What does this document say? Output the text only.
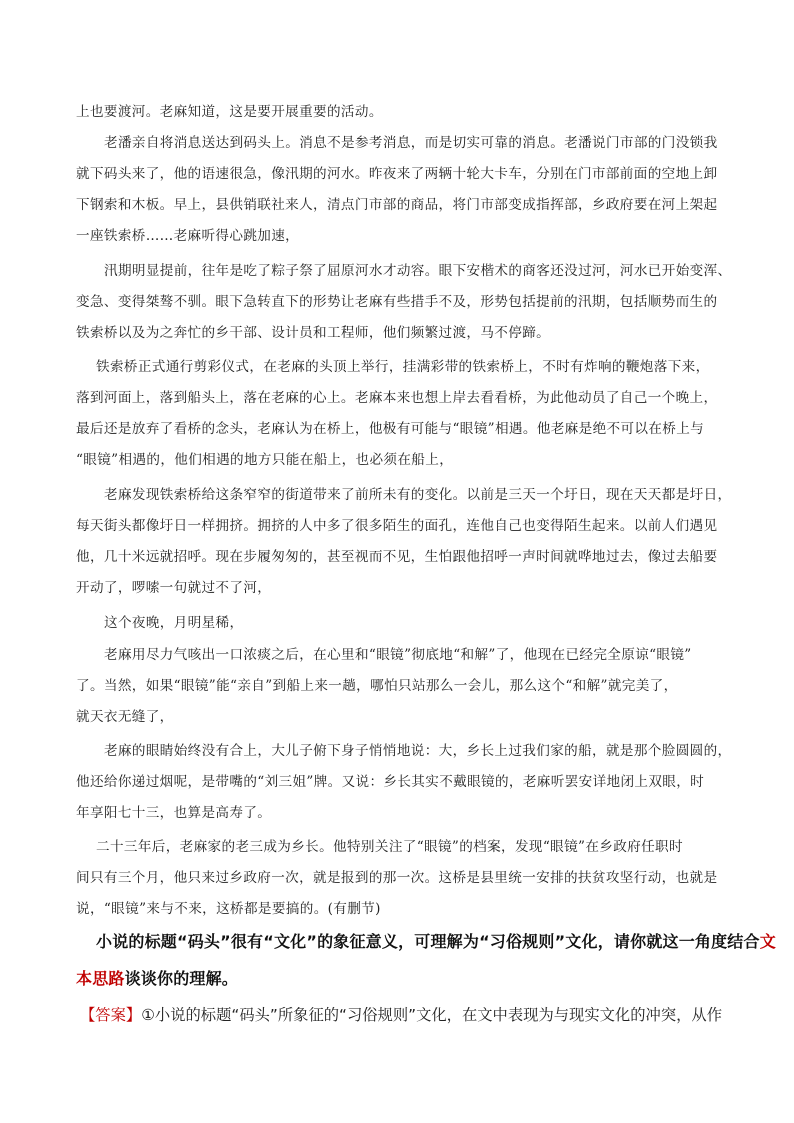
上也要渡河。老麻知道，这是要开展重要的活动。
老潘亲自将消息送达到码头上。消息不是参考消息，而是切实可靠的消息。老潘说门市部的门没锁我
就下码头来了，他的语速很急，像汛期的河水。昨夜来了两辆十轮大卡车，分别在门市部前面的空地上卸
下钢索和木板。早上，县供销联社来人，清点门市部的商品，将门市部变成指挥部，乡政府要在河上架起
一座铁索桥……老麻听得心跳加速，
汛期明显提前，往年是吃了粽子祭了屈原河水才动容。眼下安楷术的商客还没过河，河水已开始变浑、
变急、变得桀骜不驯。眼下急转直下的形势让老麻有些措手不及，形势包括提前的汛期，包括顺势而生的
铁索桥以及为之奔忙的乡干部、设计员和工程师，他们频繁过渡，马不停蹄。
铁索桥正式通行剪彩仪式，在老麻的头顶上举行，挂满彩带的铁索桥上，不时有炸响的鞭炮落下来，
落到河面上，落到船头上，落在老麻的心上。老麻本来也想上岸去看看桥，为此他动员了自己一个晚上，
最后还是放弃了看桥的念头，老麻认为在桥上，他极有可能与“眼镜”相遇。他老麻是绝不可以在桥上与
“眼镜”相遇的，他们相遇的地方只能在船上，也必须在船上，
老麻发现铁索桥给这条窄窄的街道带来了前所未有的变化。以前是三天一个圩日，现在天天都是圩日，
每天街头都像圩日一样拥挤。拥挤的人中多了很多陌生的面孔，连他自己也变得陌生起来。以前人们遇见
他，几十米远就招呼。现在步履匆匆的，甚至视而不见，生怕跟他招呼一声时间就哗地过去，像过去船要
开动了，啰嗦一句就过不了河，
这个夜晚，月明星稀，
老麻用尽力气咳出一口浓痰之后，在心里和“眼镜”彻底地“和解”了，他现在已经完全原谅“眼镜”
了。当然，如果“眼镜”能“亲自”到船上来一趟，哪怕只站那么一会儿，那么这个“和解”就完美了，
就天衣无缝了，
老麻的眼睛始终没有合上，大儿子俯下身子悄悄地说：大，乡长上过我们家的船，就是那个脸圆圆的，
他还给你递过烟呢，是带嘴的“刘三姐”牌。又说：乡长其实不戴眼镜的，老麻听罢安详地闭上双眼，时
年享阳七十三，也算是高寿了。
二十三年后，老麻家的老三成为乡长。他特别关注了“眼镜”的档案，发现“眼镜”在乡政府任职时
间只有三个月，他只来过乡政府一次，就是报到的那一次。这桥是县里统一安排的扶贫攻坚行动，也就是
说，“眼镜”来与不来，这桥都是要搞的。(有删节)
小说的标题“码头”很有“文化”的象征意义，可理解为“习俗规则”文化，请你就这一角度结合文
本思路谈谈你的理解。
【答案】①小说的标题“码头”所象征的“习俗规则”文化，在文中表现为与现实文化的冲突，从作
